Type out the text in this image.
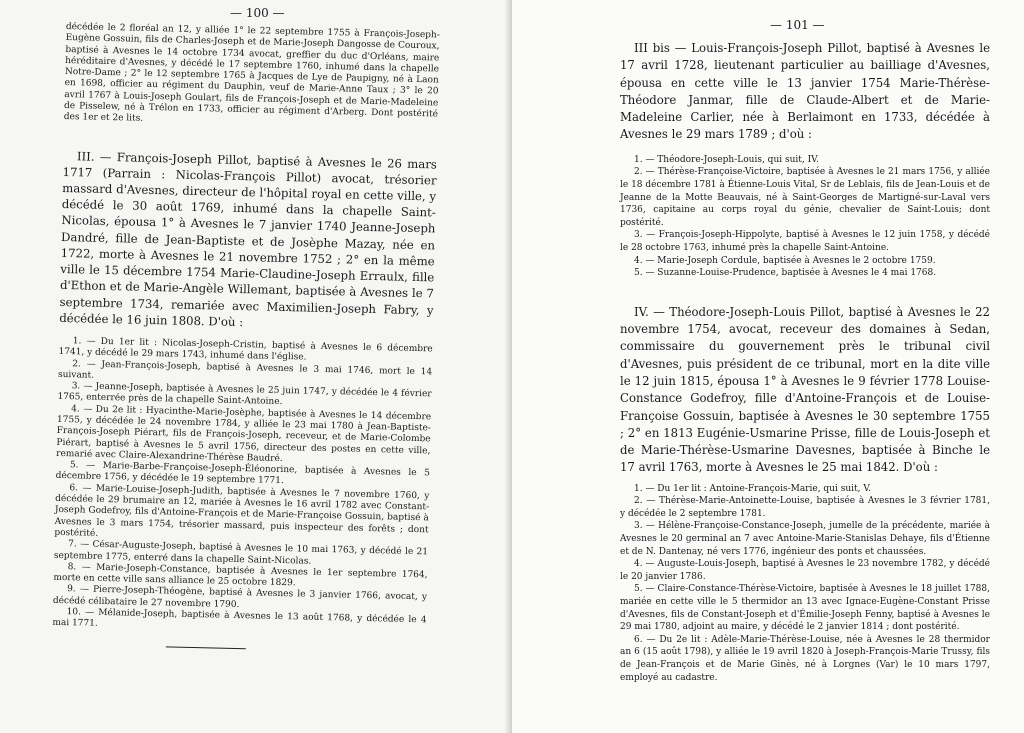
— 100 —

décédée le 2 floréal an 12, y alliée 1° le 22 septembre 1755 à François-Joseph-Eugène Gossuin, fils de Charles-Joseph et de Marie-Joseph Dangosse de Couroux, baptisé à Avesnes le 14 octobre 1734 avocat, greffier du duc d'Orléans, maire héréditaire d'Avesnes, y décédé le 17 septembre 1760, inhumé dans la chapelle Notre-Dame ; 2° le 12 septembre 1765 à Jacques de Lye de Paupigny, né à Laon en 1698, officier au régiment du Dauphin, veuf de Marie-Anne Taux ; 3° le 20 avril 1767 à Louis-Joseph Goulart, fils de François-Joseph et de Marie-Madeleine de Pisselew, né à Trélon en 1733, officier au régiment d'Arberg. Dont postérité des 1er et 2e lits.

III. — François-Joseph Pillot, baptisé à Avesnes le 26 mars 1717 (Parrain : Nicolas-François Pillot) avocat, trésorier massard d'Avesnes, directeur de l'hôpital royal en cette ville, y décédé le 30 août 1769, inhumé dans la chapelle Saint-Nicolas, épousa 1° à Avesnes le 7 janvier 1740 Jeanne-Joseph Dandré, fille de Jean-Baptiste et de Josèphe Mazay, née en 1722, morte à Avesnes le 21 novembre 1752 ; 2° en la même ville le 15 décembre 1754 Marie-Claudine-Joseph Erraulx, fille d'Ethon et de Marie-Angèle Willemant, baptisée à Avesnes le 7 septembre 1734, remariée avec Maximilien-Joseph Fabry, y décédée le 16 juin 1808. D'où :

1. — Du 1er lit : Nicolas-Joseph-Cristin, baptisé à Avesnes le 6 décembre 1741, y décédé le 29 mars 1743, inhumé dans l'église.

2. — Jean-François-Joseph, baptisé à Avesnes le 3 mai 1746, mort le 14 suivant.

3. — Jeanne-Joseph, baptisée à Avesnes le 25 juin 1747, y décédée le 4 février 1765, enterrée près de la chapelle Saint-Antoine.

4. — Du 2e lit : Hyacinthe-Marie-Josèphe, baptisée à Avesnes le 14 décembre 1755, y décédée le 24 novembre 1784, y alliée le 23 mai 1780 à Jean-Baptiste-François-Joseph Piérart, fils de François-Joseph, receveur, et de Marie-Colombe Piérart, baptisé à Avesnes le 5 avril 1756, directeur des postes en cette ville, remarié avec Claire-Alexandrine-Thérèse Baudré.

5. — Marie-Barbe-Françoise-Joseph-Éléonorine, baptisée à Avesnes le 5 décembre 1756, y décédée le 19 septembre 1771.

6. — Marie-Louise-Joseph-Judith, baptisée à Avesnes le 7 novembre 1760, y décédée le 29 brumaire an 12, mariée à Avesnes le 16 avril 1782 avec Constant-Joseph Godefroy, fils d'Antoine-François et de Marie-Françoise Gossuin, baptisé à Avesnes le 3 mars 1754, trésorier massard, puis inspecteur des forêts ; dont postérité.

7. — César-Auguste-Joseph, baptisé à Avesnes le 10 mai 1763, y décédé le 21 septembre 1775, enterré dans la chapelle Saint-Nicolas.

8. — Marie-Joseph-Constance, baptisée à Avesnes le 1er septembre 1764, morte en cette ville sans alliance le 25 octobre 1829.

9. — Pierre-Joseph-Théogène, baptisé à Avesnes le 3 janvier 1766, avocat, y décédé célibataire le 27 novembre 1790.

10. — Mélanide-Joseph, baptisée à Avesnes le 13 août 1768, y décédée le 4 mai 1771.

— 101 —

III bis — Louis-François-Joseph Pillot, baptisé à Avesnes le 17 avril 1728, lieutenant particulier au bailliage d'Avesnes, épousa en cette ville le 13 janvier 1754 Marie-Thérèse-Théodore Janmar, fille de Claude-Albert et de Marie-Madeleine Carlier, née à Berlaimont en 1733, décédée à Avesnes le 29 mars 1789 ; d'où :

1. — Théodore-Joseph-Louis, qui suit, IV.

2. — Thérèse-Françoise-Victoire, baptisée à Avesnes le 21 mars 1756, y alliée le 18 décembre 1781 à Étienne-Louis Vital, Sr de Leblais, fils de Jean-Louis et de Jeanne de la Motte Beauvais, né à Saint-Georges de Martigné-sur-Laval vers 1736, capitaine au corps royal du génie, chevalier de Saint-Louis; dont postérité.

3. — François-Joseph-Hippolyte, baptisé à Avesnes le 12 juin 1758, y décédé le 28 octobre 1763, inhumé près la chapelle Saint-Antoine.

4. — Marie-Joseph Cordule, baptisée à Avesnes le 2 octobre 1759.

5. — Suzanne-Louise-Prudence, baptisée à Avesnes le 4 mai 1768.

IV. — Théodore-Joseph-Louis Pillot, baptisé à Avesnes le 22 novembre 1754, avocat, receveur des domaines à Sedan, commissaire du gouvernement près le tribunal civil d'Avesnes, puis président de ce tribunal, mort en la dite ville le 12 juin 1815, épousa 1° à Avesnes le 9 février 1778 Louise-Constance Godefroy, fille d'Antoine-François et de Louise-Françoise Gossuin, baptisée à Avesnes le 30 septembre 1755 ; 2° en 1813 Eugénie-Usmarine Prisse, fille de Louis-Joseph et de Marie-Thérèse-Usmarine Davesnes, baptisée à Binche le 17 avril 1763, morte à Avesnes le 25 mai 1842. D'où :

1. — Du 1er lit : Antoine-François-Marie, qui suit, V.

2. — Thérèse-Marie-Antoinette-Louise, baptisée à Avesnes le 3 février 1781, y décédée le 2 septembre 1781.

3. — Hélène-Françoise-Constance-Joseph, jumelle de la précédente, mariée à Avesnes le 20 germinal an 7 avec Antoine-Marie-Stanislas Dehaye, fils d'Étienne et de N. Dantenay, né vers 1776, ingénieur des ponts et chaussées.

4. — Auguste-Louis-Joseph, baptisé à Avesnes le 23 novembre 1782, y décédé le 20 janvier 1786.

5. — Claire-Constance-Thérèse-Victoire, baptisée à Avesnes le 18 juillet 1788, mariée en cette ville le 5 thermidor an 13 avec Ignace-Eugène-Constant Prisse d'Avesnes, fils de Constant-Joseph et d'Émilie-Joseph Fenny, baptisé à Avesnes le 29 mai 1780, adjoint au maire, y décédé le 2 janvier 1814 ; dont postérité.

6. — Du 2e lit : Adèle-Marie-Thérèse-Louise, née à Avesnes le 28 thermidor an 6 (15 août 1798), y alliée le 19 avril 1820 à Joseph-François-Marie Trussy, fils de Jean-François et de Marie Ginès, né à Lorgnes (Var) le 10 mars 1797, employé au cadastre.
